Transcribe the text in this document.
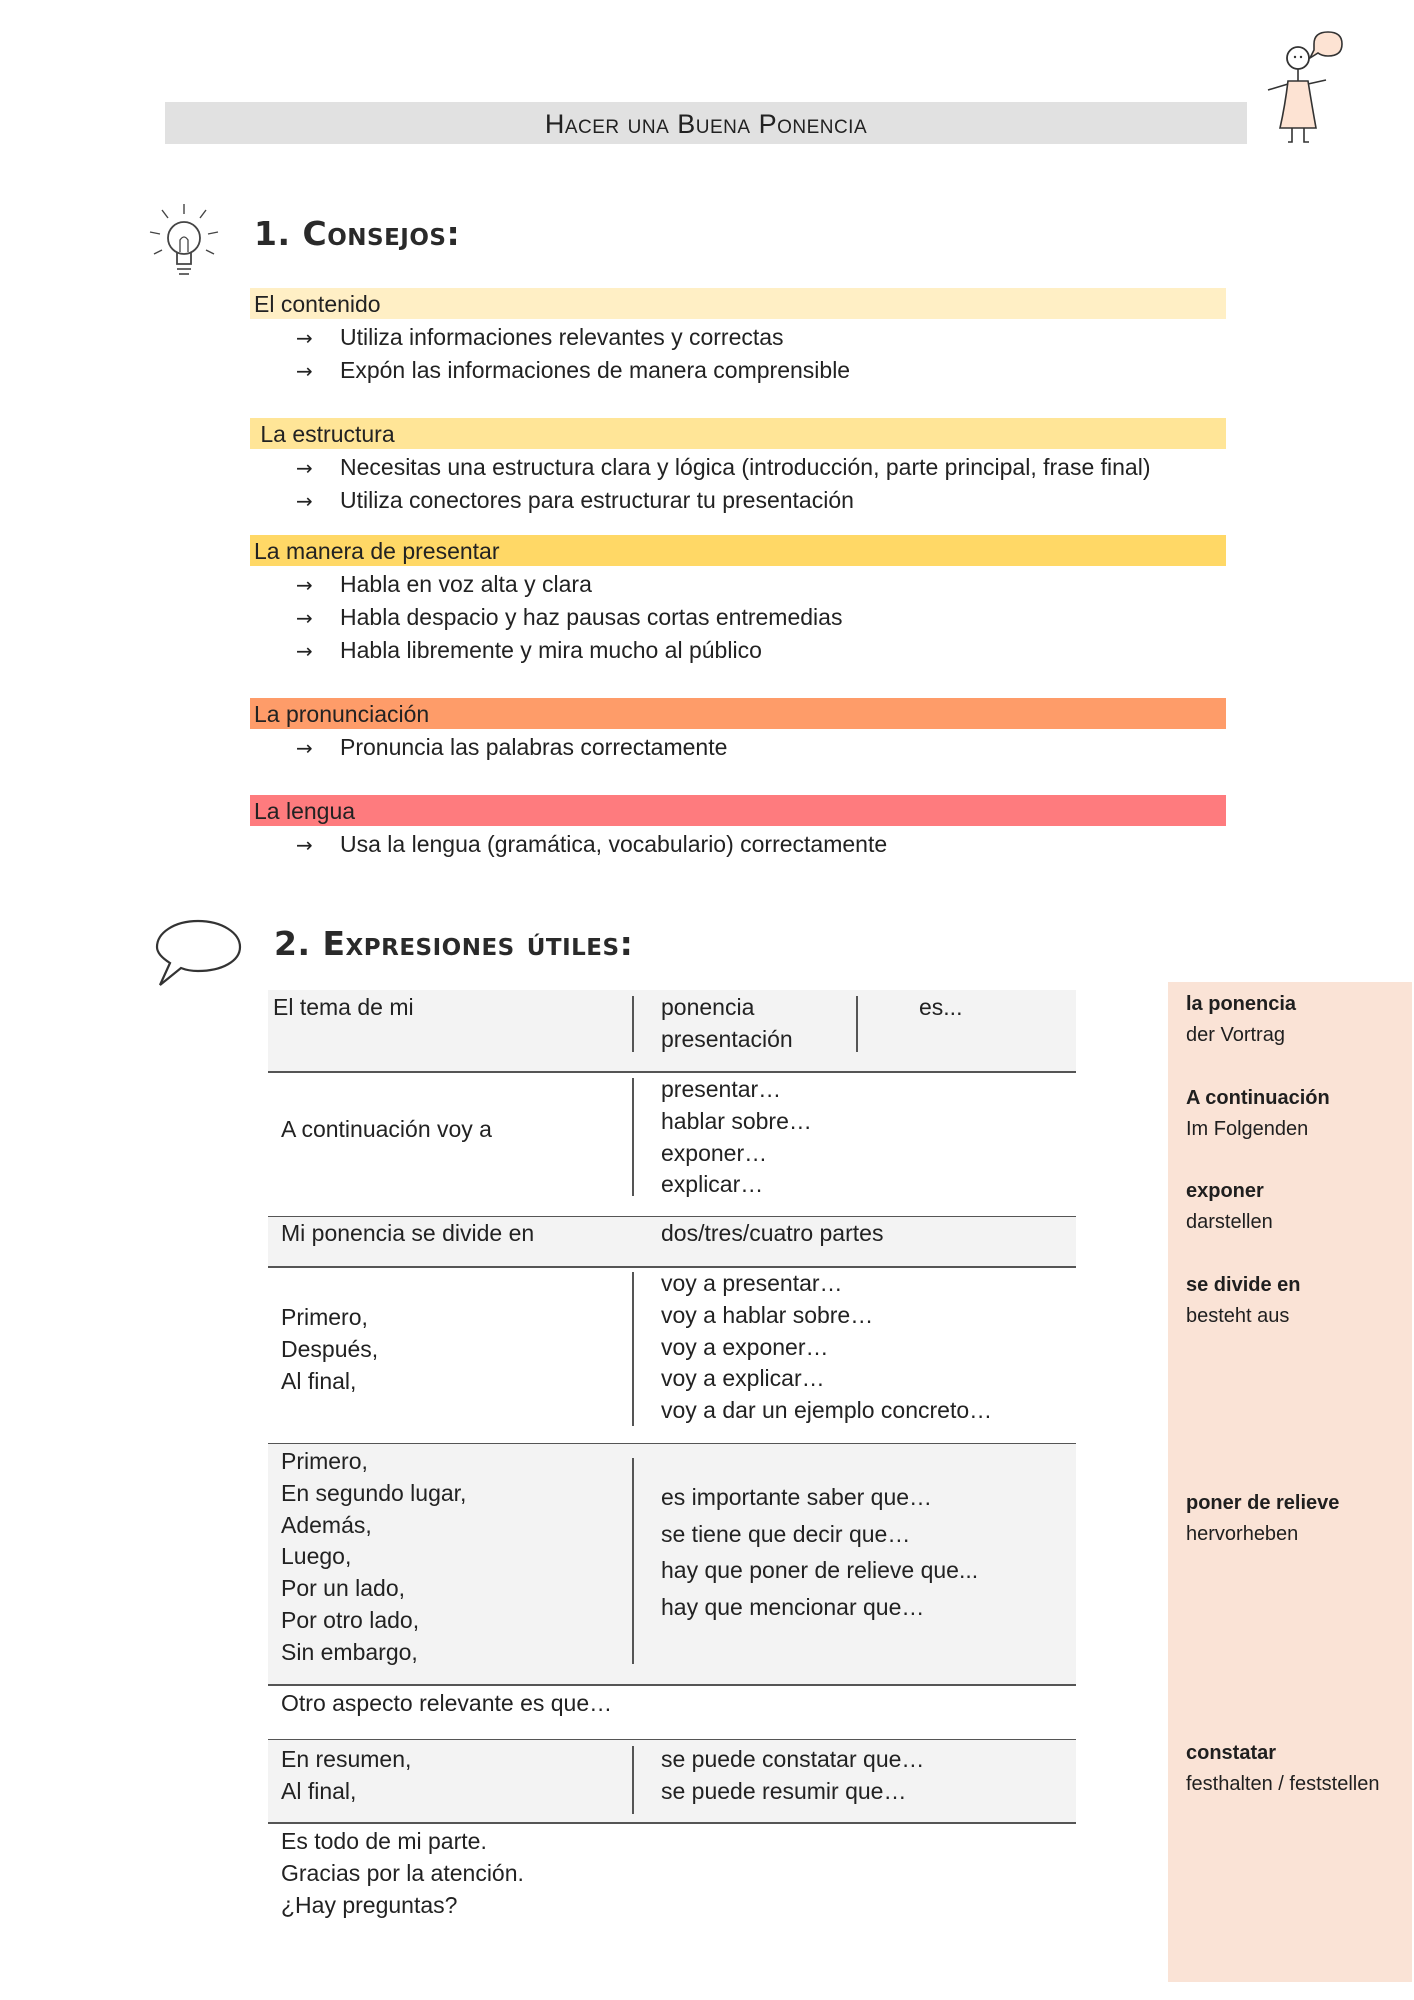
Hacer una Buena Ponencia
1. Consejos:
El contenido
→ Utiliza informaciones relevantes y correctas
→ Expón las informaciones de manera comprensible
La estructura
→ Necesitas una estructura clara y lógica (introducción, parte principal, frase final)
→ Utiliza conectores para estructurar tu presentación
La manera de presentar
→ Habla en voz alta y clara
→ Habla despacio y haz pausas cortas entremedias
→ Habla libremente y mira mucho al público
La pronunciación
→ Pronuncia las palabras correctamente
La lengua
→ Usa la lengua (gramática, vocabulario) correctamente
2. Expresiones útiles:
El tema de mi	ponencia
presentación
es...
A continuación voy a
presentar…
hablar sobre…
exponer…
explicar…
Mi ponencia se divide en	dos/tres/cuatro partes
Primero,
Después,
Al final,
voy a presentar…
voy a hablar sobre…
voy a exponer…
voy a explicar…
voy a dar un ejemplo concreto…
Primero,
En segundo lugar,
Además,
Luego,
Por un lado,
Por otro lado,
Sin embargo,
es importante saber que…
se tiene que decir que…
hay que poner de relieve que...
hay que mencionar que…
Otro aspecto relevante es que…
En resumen,
Al final,
se puede constatar que…
se puede resumir que…
Es todo de mi parte.
Gracias por la atención.
¿Hay preguntas?
la ponencia
der Vortrag
A continuación
Im Folgenden
exponer
darstellen
se divide en
besteht aus
poner de relieve
hervorheben
constatar
festhalten / feststellen
